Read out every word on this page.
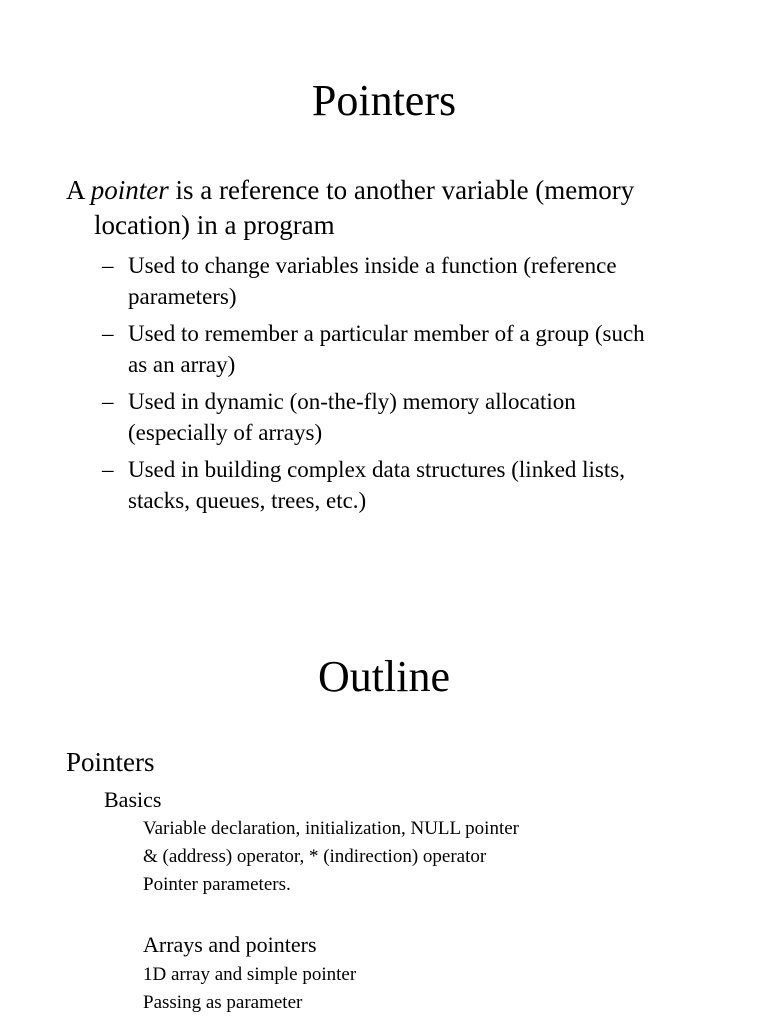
Pointers
A pointer is a reference to another variable (memory
location) in a program
– Used to change variables inside a function (reference
parameters)
– Used to remember a particular member of a group (such
as an array)
– Used in dynamic (on-the-fly) memory allocation
(especially of arrays)
– Used in building complex data structures (linked lists,
stacks, queues, trees, etc.)
Outline
Pointers
Basics
Variable declaration, initialization, NULL pointer
& (address) operator, * (indirection) operator
Pointer parameters.
Arrays and pointers
1D array and simple pointer
Passing as parameter
